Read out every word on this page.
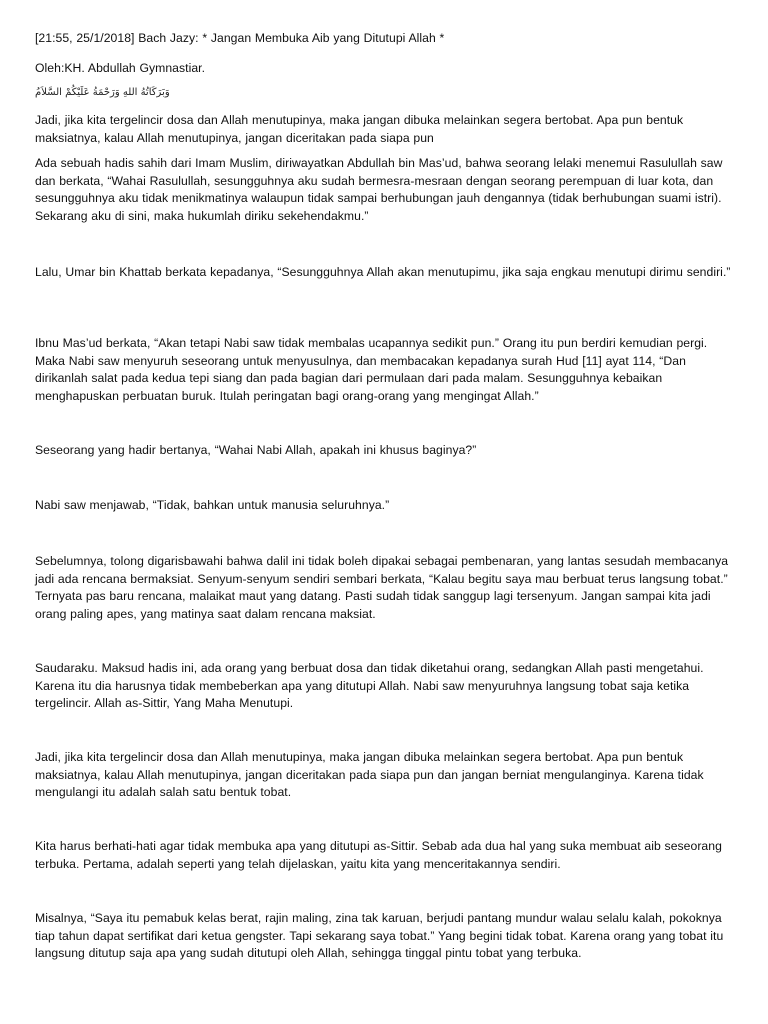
[21:55, 25/1/2018] Bach Jazy: * Jangan Membuka Aib yang Ditutupi Allah *

Oleh:KH. Abdullah Gymnastiar.

وَبَرَكَاتُهُ اللهِ وَرَحْمَةُ عَلَيْكُمْ السَّلاَمُ

Jadi, jika kita tergelincir dosa dan Allah menutupinya, maka jangan dibuka melainkan segera bertobat. Apa pun bentuk maksiatnya, kalau Allah menutupinya, jangan diceritakan pada siapa pun

Ada sebuah hadis sahih dari Imam Muslim, diriwayatkan Abdullah bin Mas’ud, bahwa seorang lelaki menemui Rasulullah saw dan berkata, “Wahai Rasulullah, sesungguhnya aku sudah bermesra-mesraan dengan seorang perempuan di luar kota, dan sesungguhnya aku tidak menikmatinya walaupun tidak sampai berhubungan jauh dengannya (tidak berhubungan suami istri). Sekarang aku di sini, maka hukumlah diriku sekehendakmu.”

Lalu, Umar bin Khattab berkata kepadanya, “Sesungguhnya Allah akan menutupimu, jika saja engkau menutupi dirimu sendiri.”

Ibnu Mas’ud berkata, “Akan tetapi Nabi saw tidak membalas ucapannya sedikit pun.” Orang itu pun berdiri kemudian pergi. Maka Nabi saw menyuruh seseorang untuk menyusulnya, dan membacakan kepadanya surah Hud [11] ayat 114, “Dan dirikanlah salat pada kedua tepi siang dan pada bagian dari permulaan dari pada malam. Sesungguhnya kebaikan menghapuskan perbuatan buruk. Itulah peringatan bagi orang-orang yang mengingat Allah.”

Seseorang yang hadir bertanya, “Wahai Nabi Allah, apakah ini khusus baginya?”

Nabi saw menjawab, “Tidak, bahkan untuk manusia seluruhnya.”

Sebelumnya, tolong digarisbawahi bahwa dalil ini tidak boleh dipakai sebagai pembenaran, yang lantas sesudah membacanya jadi ada rencana bermaksiat. Senyum-senyum sendiri sembari berkata, “Kalau begitu saya mau berbuat terus langsung tobat.” Ternyata pas baru rencana, malaikat maut yang datang. Pasti sudah tidak sanggup lagi tersenyum. Jangan sampai kita jadi orang paling apes, yang matinya saat dalam rencana maksiat.

Saudaraku. Maksud hadis ini, ada orang yang berbuat dosa dan tidak diketahui orang, sedangkan Allah pasti mengetahui. Karena itu dia harusnya tidak membeberkan apa yang ditutupi Allah. Nabi saw menyuruhnya langsung tobat saja ketika tergelincir. Allah as-Sittir, Yang Maha Menutupi.

Jadi, jika kita tergelincir dosa dan Allah menutupinya, maka jangan dibuka melainkan segera bertobat. Apa pun bentuk maksiatnya, kalau Allah menutupinya, jangan diceritakan pada siapa pun dan jangan berniat mengulanginya. Karena tidak mengulangi itu adalah salah satu bentuk tobat.

Kita harus berhati-hati agar tidak membuka apa yang ditutupi as-Sittir. Sebab ada dua hal yang suka membuat aib seseorang terbuka. Pertama, adalah seperti yang telah dijelaskan, yaitu kita yang menceritakannya sendiri.

Misalnya, “Saya itu pemabuk kelas berat, rajin maling, zina tak karuan, berjudi pantang mundur walau selalu kalah, pokoknya tiap tahun dapat sertifikat dari ketua gengster. Tapi sekarang saya tobat.” Yang begini tidak tobat. Karena orang yang tobat itu langsung ditutup saja apa yang sudah ditutupi oleh Allah, sehingga tinggal pintu tobat yang terbuka.
